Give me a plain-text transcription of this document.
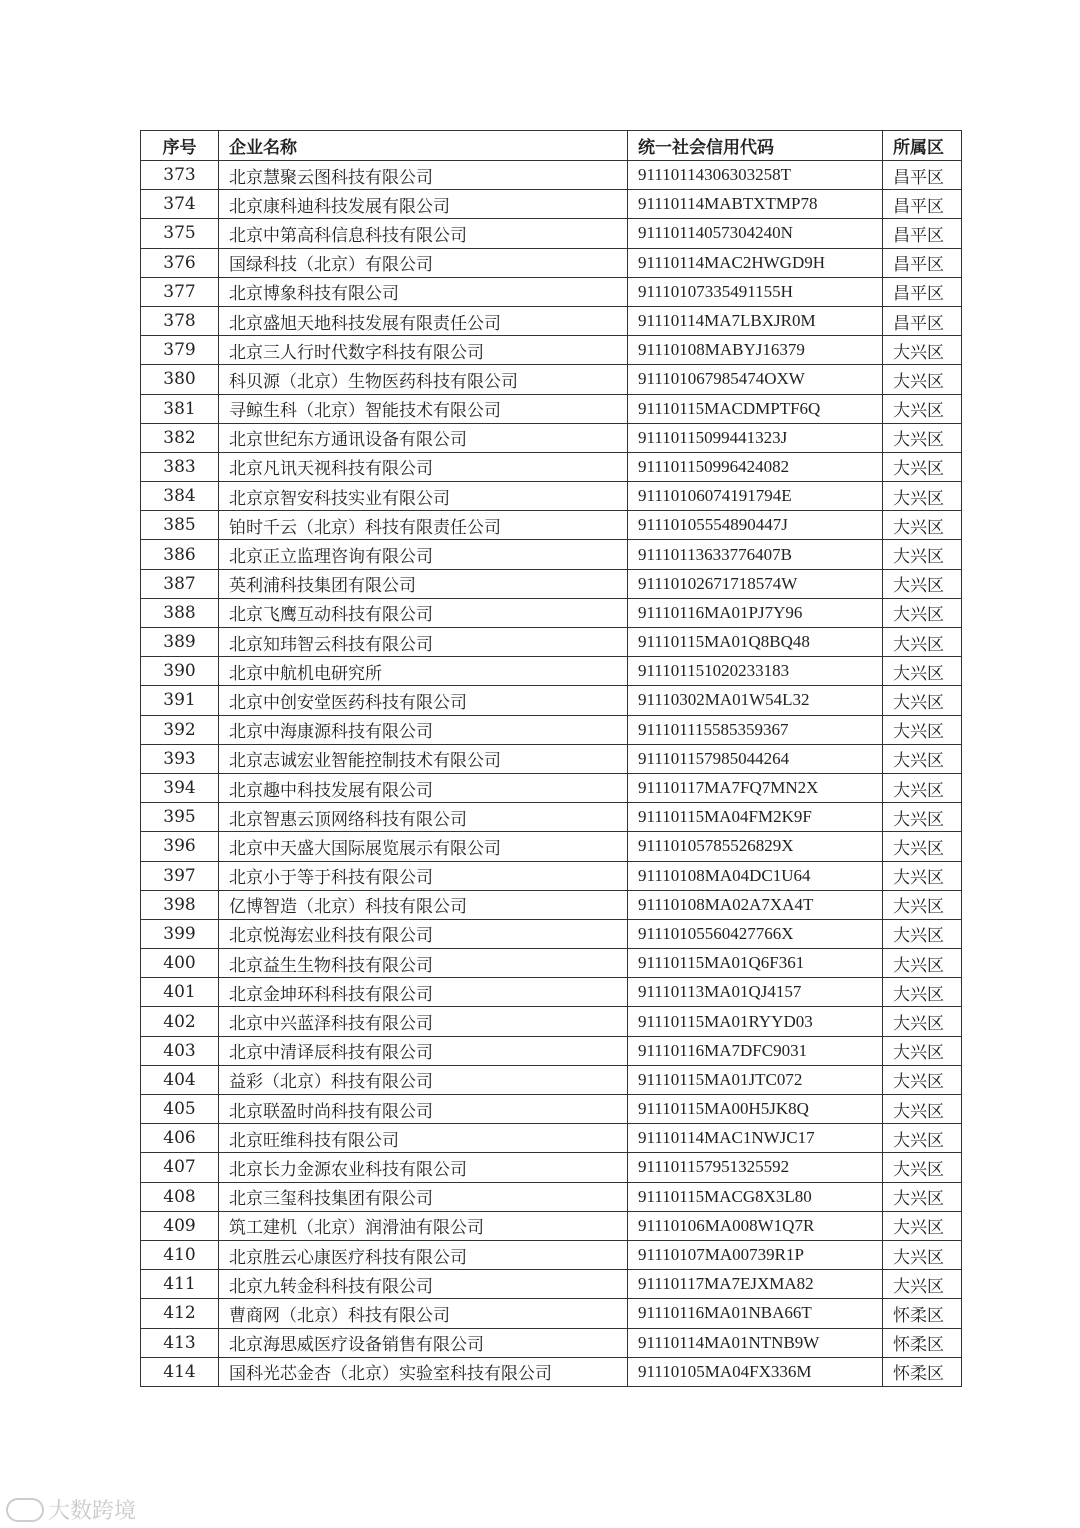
序号	企业名称	统一社会信用代码	所属区
373	北京慧聚云图科技有限公司	91110114306303258T	昌平区
374	北京康科迪科技发展有限公司	91110114MABTXTMP78	昌平区
375	北京中第高科信息科技有限公司	91110114057304240N	昌平区
376	国绿科技（北京）有限公司	91110114MAC2HWGD9H	昌平区
377	北京博象科技有限公司	91110107335491155H	昌平区
378	北京盛旭天地科技发展有限责任公司	91110114MA7LBXJR0M	昌平区
379	北京三人行时代数字科技有限公司	91110108MABYJ16379	大兴区
380	科贝源（北京）生物医药科技有限公司	911101067985474OXW	大兴区
381	寻鲸生科（北京）智能技术有限公司	91110115MACDMPTF6Q	大兴区
382	北京世纪东方通讯设备有限公司	91110115099441323J	大兴区
383	北京凡讯天视科技有限公司	911101150996424082	大兴区
384	北京京智安科技实业有限公司	91110106074191794E	大兴区
385	铂时千云（北京）科技有限责任公司	91110105554890447J	大兴区
386	北京正立监理咨询有限公司	91110113633776407B	大兴区
387	英利浦科技集团有限公司	91110102671718574W	大兴区
388	北京飞鹰互动科技有限公司	91110116MA01PJ7Y96	大兴区
389	北京知玮智云科技有限公司	91110115MA01Q8BQ48	大兴区
390	北京中航机电研究所	911101151020233183	大兴区
391	北京中创安堂医药科技有限公司	91110302MA01W54L32	大兴区
392	北京中海康源科技有限公司	911101115585359367	大兴区
393	北京志诚宏业智能控制技术有限公司	911101157985044264	大兴区
394	北京趣中科技发展有限公司	91110117MA7FQ7MN2X	大兴区
395	北京智惠云顶网络科技有限公司	91110115MA04FM2K9F	大兴区
396	北京中天盛大国际展览展示有限公司	91110105785526829X	大兴区
397	北京小于等于科技有限公司	91110108MA04DC1U64	大兴区
398	亿博智造（北京）科技有限公司	91110108MA02A7XA4T	大兴区
399	北京悦海宏业科技有限公司	91110105560427766X	大兴区
400	北京益生生物科技有限公司	91110115MA01Q6F361	大兴区
401	北京金坤环科科技有限公司	91110113MA01QJ4157	大兴区
402	北京中兴蓝泽科技有限公司	91110115MA01RYYD03	大兴区
403	北京中清译辰科技有限公司	91110116MA7DFC9031	大兴区
404	益彩（北京）科技有限公司	91110115MA01JTC072	大兴区
405	北京联盈时尚科技有限公司	91110115MA00H5JK8Q	大兴区
406	北京旺维科技有限公司	91110114MAC1NWJC17	大兴区
407	北京长力金源农业科技有限公司	911101157951325592	大兴区
408	北京三玺科技集团有限公司	91110115MACG8X3L80	大兴区
409	筑工建机（北京）润滑油有限公司	91110106MA008W1Q7R	大兴区
410	北京胜云心康医疗科技有限公司	91110107MA00739R1P	大兴区
411	北京九转金科科技有限公司	91110117MA7EJXMA82	大兴区
412	曹商网（北京）科技有限公司	91110116MA01NBA66T	怀柔区
413	北京海思威医疗设备销售有限公司	91110114MA01NTNB9W	怀柔区
414	国科光芯金杏（北京）实验室科技有限公司	91110105MA04FX336M	怀柔区
大数跨境
